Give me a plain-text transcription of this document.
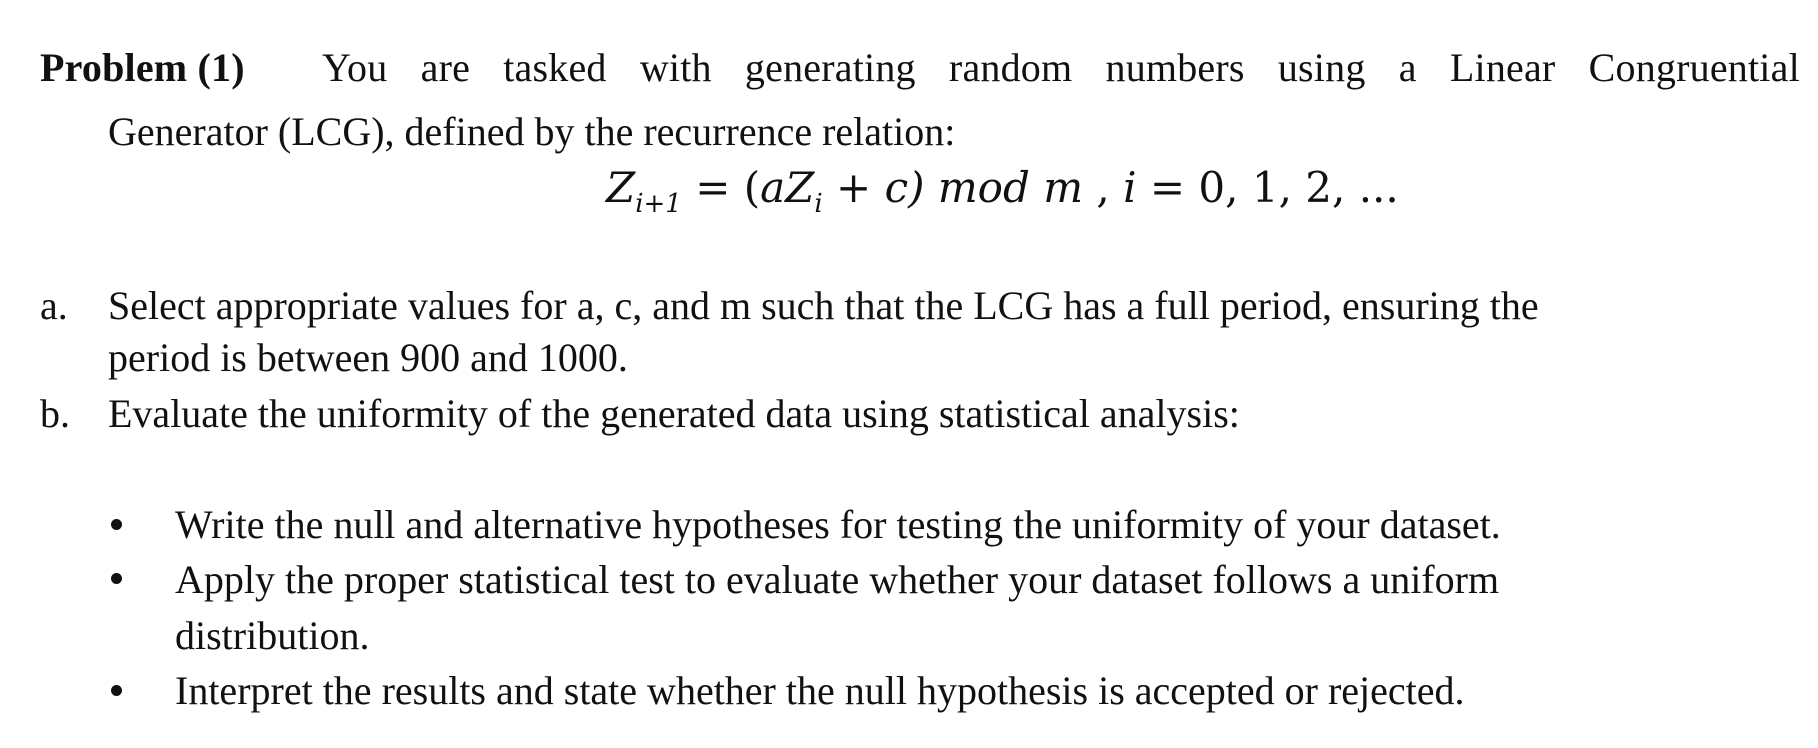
Problem (1) You are tasked with generating random numbers using a Linear Congruential
Generator (LCG), defined by the recurrence relation:
$Z_{i+1} = (aZ_i + c)$ mod m , i = 0, 1, 2, ...
a. Select appropriate values for a, c, and m such that the LCG has a full period, ensuring the
period is between 900 and 1000.
b. Evaluate the uniformity of the generated data using statistical analysis:
Write the null and alternative hypotheses for testing the uniformity of your dataset.
Apply the proper statistical test to evaluate whether your dataset follows a uniform
distribution.
Interpret the results and state whether the null hypothesis is accepted or rejected.
